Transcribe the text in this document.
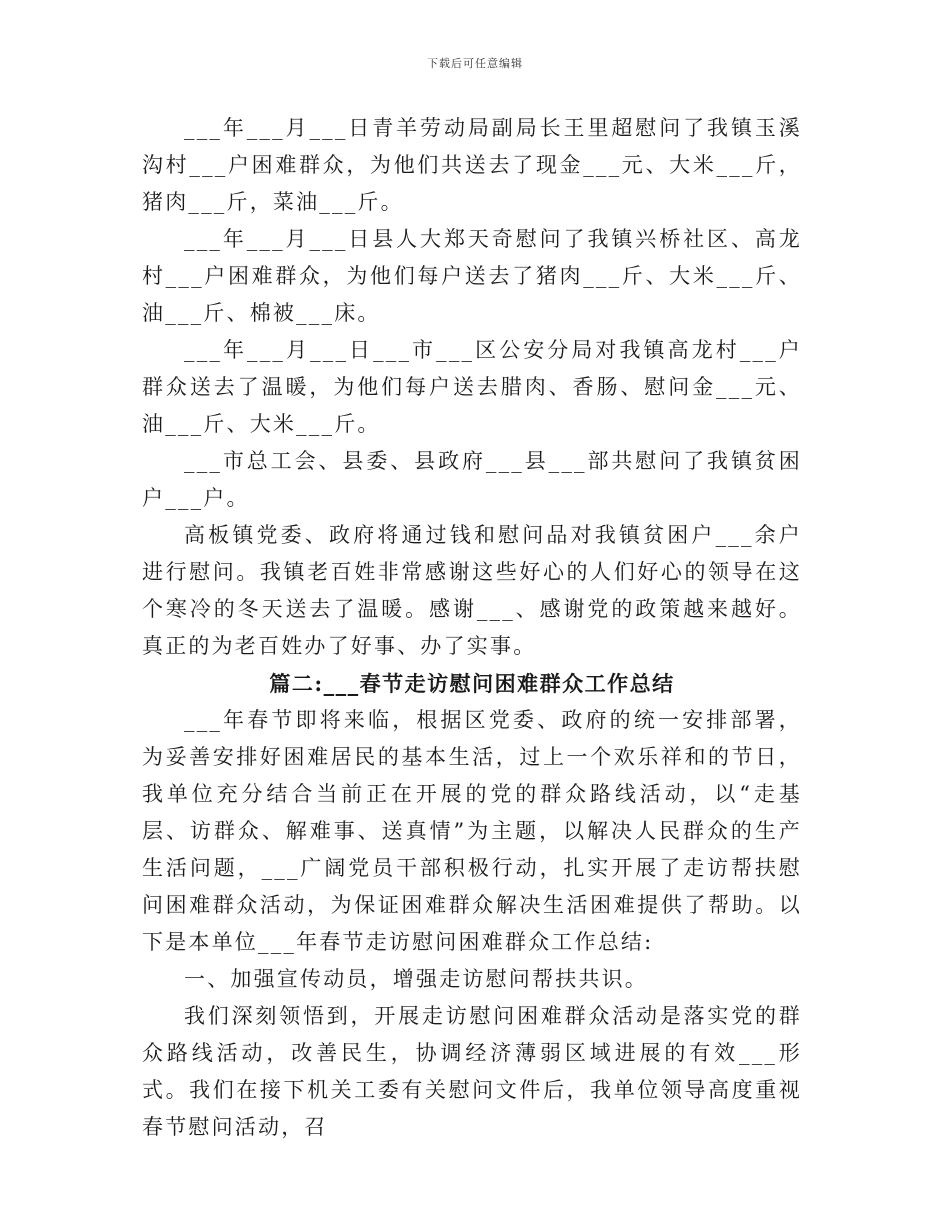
下载后可任意编辑

___年___月___日青羊劳动局副局长王里超慰问了我镇玉溪沟村___户困难群众，为他们共送去了现金___元、大米___斤，猪肉___斤，菜油___斤。

___年___月___日县人大郑天奇慰问了我镇兴桥社区、高龙村___户困难群众，为他们每户送去了猪肉___斤、大米___斤、油___斤、棉被___床。

___年___月___日___市___区公安分局对我镇高龙村___户群众送去了温暖，为他们每户送去腊肉、香肠、慰问金___元、油___斤、大米___斤。

___市总工会、县委、县政府___县___部共慰问了我镇贫困户___户。

高板镇党委、政府将通过钱和慰问品对我镇贫困户___余户进行慰问。我镇老百姓非常感谢这些好心的人们好心的领导在这个寒冷的冬天送去了温暖。感谢___、感谢党的政策越来越好。真正的为老百姓办了好事、办了实事。

篇二:___春节走访慰问困难群众工作总结

___年春节即将来临，根据区党委、政府的统一安排部署，为妥善安排好困难居民的基本生活，过上一个欢乐祥和的节日，我单位充分结合当前正在开展的党的群众路线活动，以“走基层、访群众、解难事、送真情”为主题，以解决人民群众的生产生活问题，___广阔党员干部积极行动，扎实开展了走访帮扶慰问困难群众活动，为保证困难群众解决生活困难提供了帮助。以下是本单位___年春节走访慰问困难群众工作总结:

一、加强宣传动员，增强走访慰问帮扶共识。

我们深刻领悟到，开展走访慰问困难群众活动是落实党的群众路线活动，改善民生，协调经济薄弱区域进展的有效___形式。我们在接下机关工委有关慰问文件后，我单位领导高度重视春节慰问活动，召
